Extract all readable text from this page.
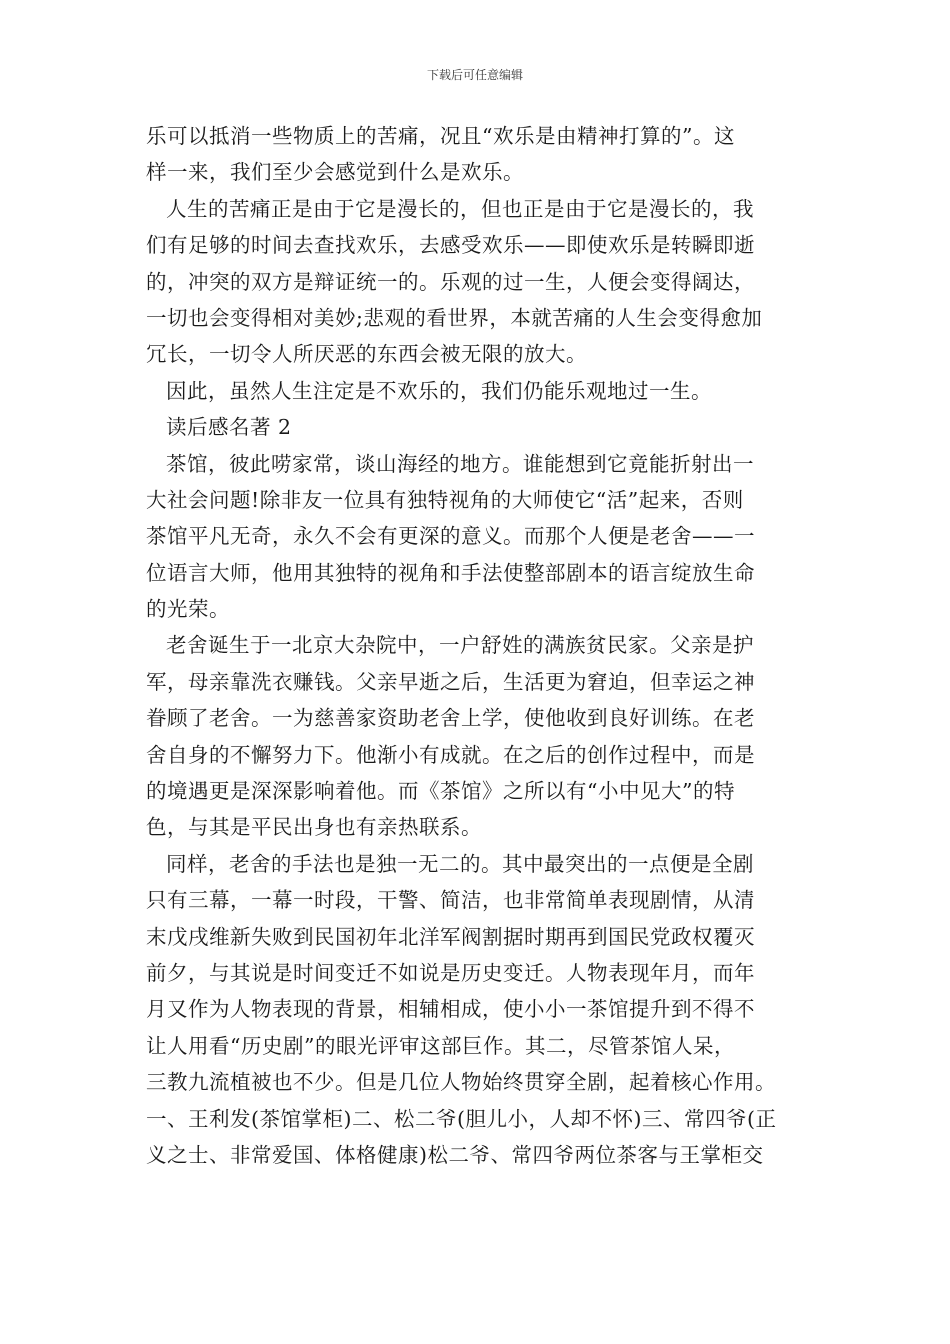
下载后可任意编辑
乐可以抵消一些物质上的苦痛，况且“欢乐是由精神打算的”。这
样一来，我们至少会感觉到什么是欢乐。
人生的苦痛正是由于它是漫长的，但也正是由于它是漫长的，我
们有足够的时间去查找欢乐，去感受欢乐——即使欢乐是转瞬即逝
的，冲突的双方是辩证统一的。乐观的过一生，人便会变得阔达，
一切也会变得相对美妙;悲观的看世界，本就苦痛的人生会变得愈加
冗长，一切令人所厌恶的东西会被无限的放大。
因此，虽然人生注定是不欢乐的，我们仍能乐观地过一生。
读后感名著 2
茶馆，彼此唠家常，谈山海经的地方。谁能想到它竟能折射出一
大社会问题!除非友一位具有独特视角的大师使它“活”起来，否则
茶馆平凡无奇，永久不会有更深的意义。而那个人便是老舍——一
位语言大师，他用其独特的视角和手法使整部剧本的语言绽放生命
的光荣。
老舍诞生于一北京大杂院中，一户舒姓的满族贫民家。父亲是护
军，母亲靠洗衣赚钱。父亲早逝之后，生活更为窘迫，但幸运之神
眷顾了老舍。一为慈善家资助老舍上学，使他收到良好训练。在老
舍自身的不懈努力下。他渐小有成就。在之后的创作过程中，而是
的境遇更是深深影响着他。而《茶馆》之所以有“小中见大”的特
色，与其是平民出身也有亲热联系。
同样，老舍的手法也是独一无二的。其中最突出的一点便是全剧
只有三幕，一幕一时段，干警、简洁，也非常简单表现剧情，从清
末戊戌维新失败到民国初年北洋军阀割据时期再到国民党政权覆灭
前夕，与其说是时间变迁不如说是历史变迁。人物表现年月，而年
月又作为人物表现的背景，相辅相成，使小小一茶馆提升到不得不
让人用看“历史剧”的眼光评审这部巨作。其二，尽管茶馆人呆，
三教九流植被也不少。但是几位人物始终贯穿全剧，起着核心作用。
一、王利发(茶馆掌柜)二、松二爷(胆儿小，人却不怀)三、常四爷(正
义之士、非常爱国、体格健康)松二爷、常四爷两位茶客与王掌柜交
